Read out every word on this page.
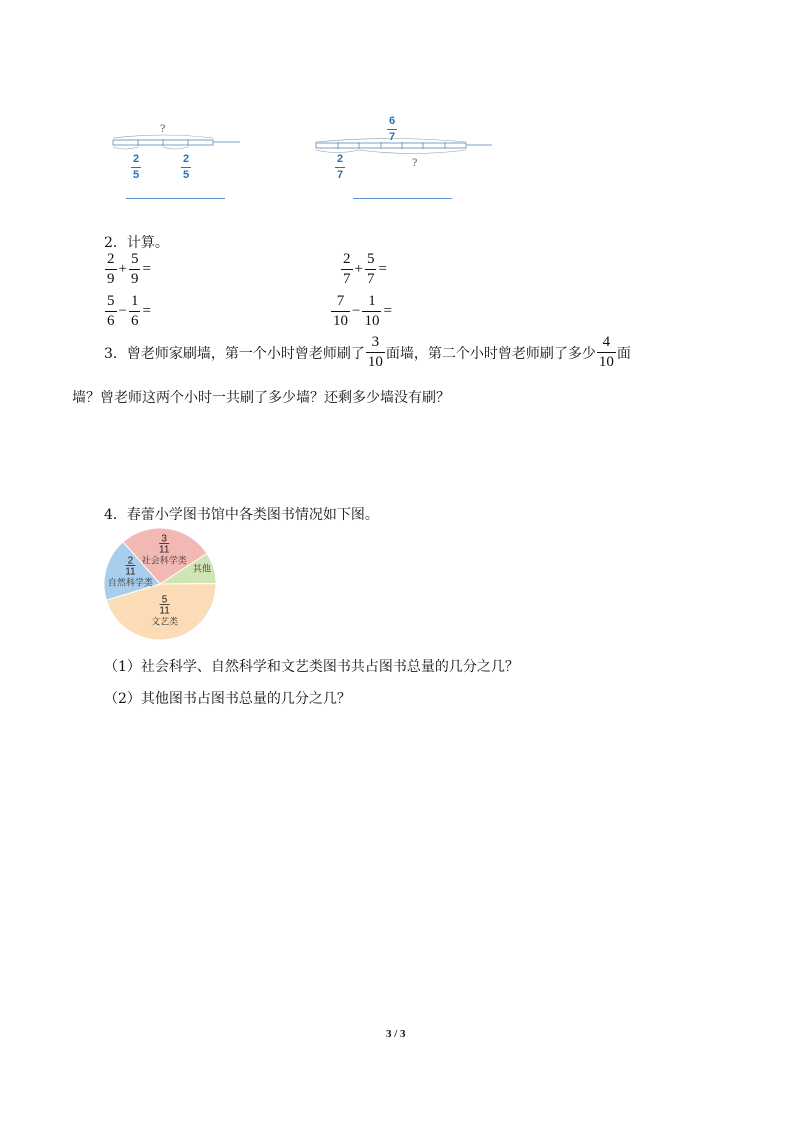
?
$\frac{2}{5}$	$\frac{2}{5}$
$\frac{6}{7}$
$\frac{2}{7}$	?
2．计算。
$\frac{2}{9} + \frac{5}{9}$ =	$\frac{2}{7} + \frac{5}{7}$ =
$\frac{5}{6} - \frac{1}{6}$ =	$\frac{7}{10} - \frac{1}{10}$ =
3．曾老师家刷墙，第一个小时曾老师刷了 $\frac{3}{10}$ 面墙，第二个小时曾老师刷了多少 $\frac{4}{10}$ 面
墙？曾老师这两个小时一共刷了多少墙？还剩多少墙没有刷？
4．春蕾小学图书馆中各类图书情况如下图。
3
11
社会科学类
其他
5
11
文艺类
2
11
自然科学类
（1）社会科学、自然科学和文艺类图书共占图书总量的几分之几？
（2）其他图书占图书总量的几分之几？
3 / 3
